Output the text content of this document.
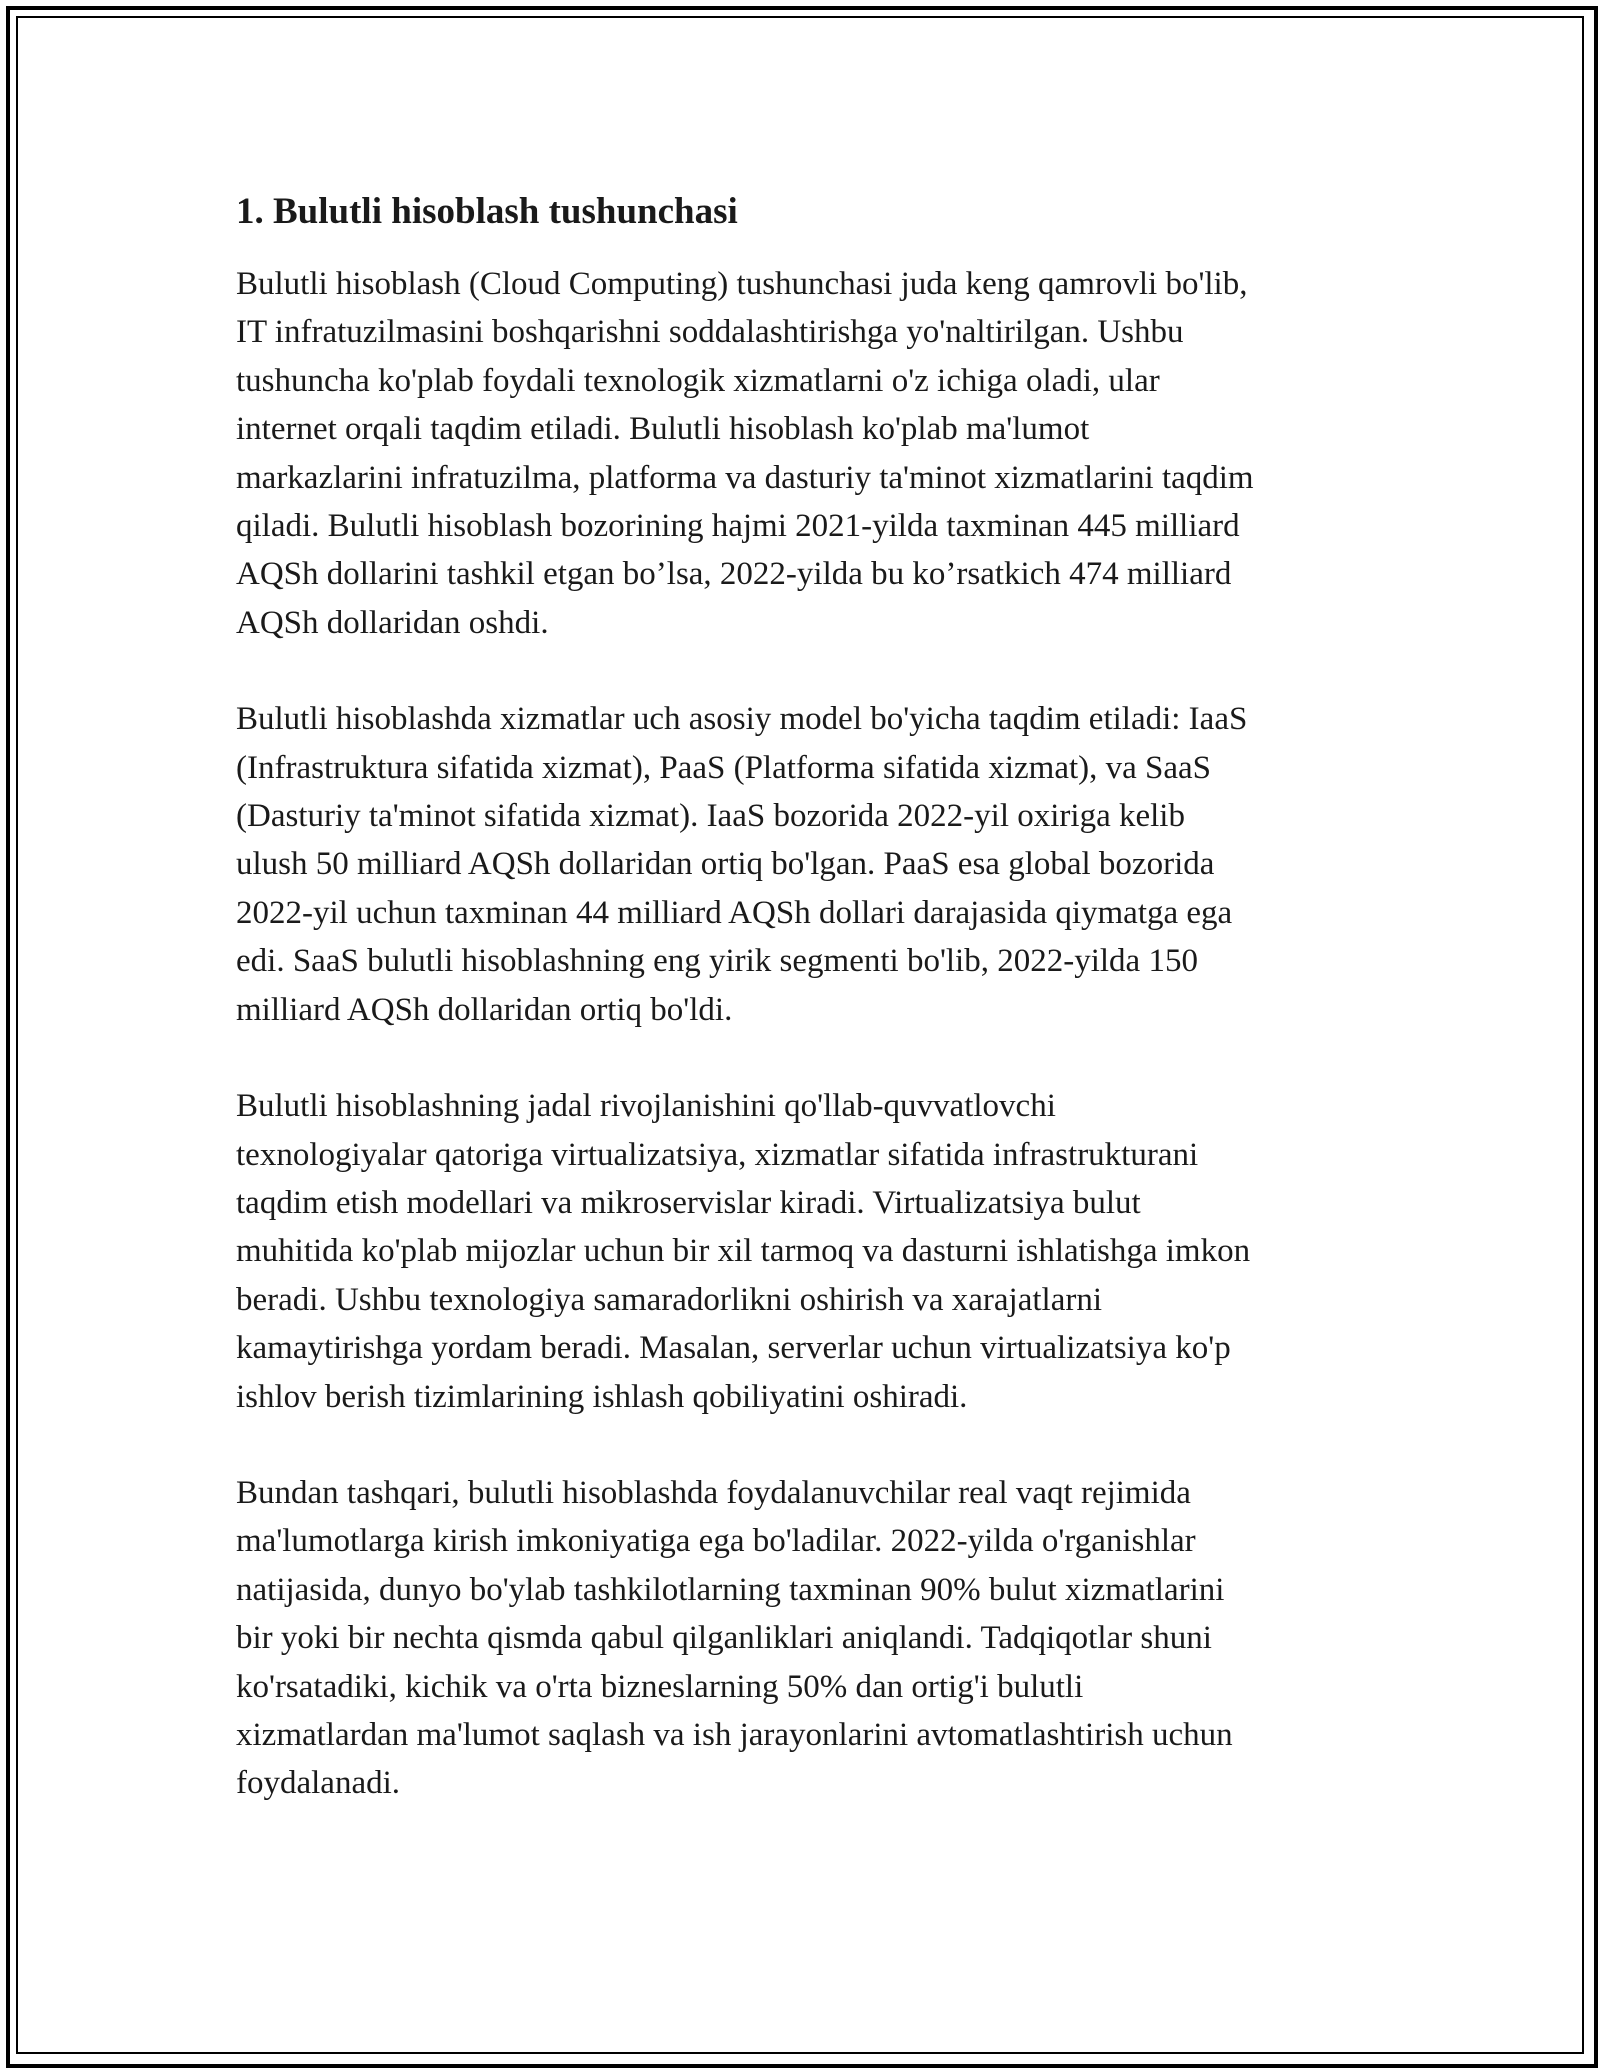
1. Bulutli hisoblash tushunchasi

Bulutli hisoblash (Cloud Computing) tushunchasi juda keng qamrovli bo'lib,
IT infratuzilmasini boshqarishni soddalashtirishga yo'naltirilgan. Ushbu
tushuncha ko'plab foydali texnologik xizmatlarni o'z ichiga oladi, ular
internet orqali taqdim etiladi. Bulutli hisoblash ko'plab ma'lumot
markazlarini infratuzilma, platforma va dasturiy ta'minot xizmatlarini taqdim
qiladi. Bulutli hisoblash bozorining hajmi 2021-yilda taxminan 445 milliard
AQSh dollarini tashkil etgan bo’lsa, 2022-yilda bu ko’rsatkich 474 milliard
AQSh dollaridan oshdi.

Bulutli hisoblashda xizmatlar uch asosiy model bo'yicha taqdim etiladi: IaaS
(Infrastruktura sifatida xizmat), PaaS (Platforma sifatida xizmat), va SaaS
(Dasturiy ta'minot sifatida xizmat). IaaS bozorida 2022-yil oxiriga kelib
ulush 50 milliard AQSh dollaridan ortiq bo'lgan. PaaS esa global bozorida
2022-yil uchun taxminan 44 milliard AQSh dollari darajasida qiymatga ega
edi. SaaS bulutli hisoblashning eng yirik segmenti bo'lib, 2022-yilda 150
milliard AQSh dollaridan ortiq bo'ldi.

Bulutli hisoblashning jadal rivojlanishini qo'llab-quvvatlovchi
texnologiyalar qatoriga virtualizatsiya, xizmatlar sifatida infrastrukturani
taqdim etish modellari va mikroservislar kiradi. Virtualizatsiya bulut
muhitida ko'plab mijozlar uchun bir xil tarmoq va dasturni ishlatishga imkon
beradi. Ushbu texnologiya samaradorlikni oshirish va xarajatlarni
kamaytirishga yordam beradi. Masalan, serverlar uchun virtualizatsiya ko'p
ishlov berish tizimlarining ishlash qobiliyatini oshiradi.

Bundan tashqari, bulutli hisoblashda foydalanuvchilar real vaqt rejimida
ma'lumotlarga kirish imkoniyatiga ega bo'ladilar. 2022-yilda o'rganishlar
natijasida, dunyo bo'ylab tashkilotlarning taxminan 90% bulut xizmatlarini
bir yoki bir nechta qismda qabul qilganliklari aniqlandi. Tadqiqotlar shuni
ko'rsatadiki, kichik va o'rta bizneslarning 50% dan ortig'i bulutli
xizmatlardan ma'lumot saqlash va ish jarayonlarini avtomatlashtirish uchun
foydalanadi.
